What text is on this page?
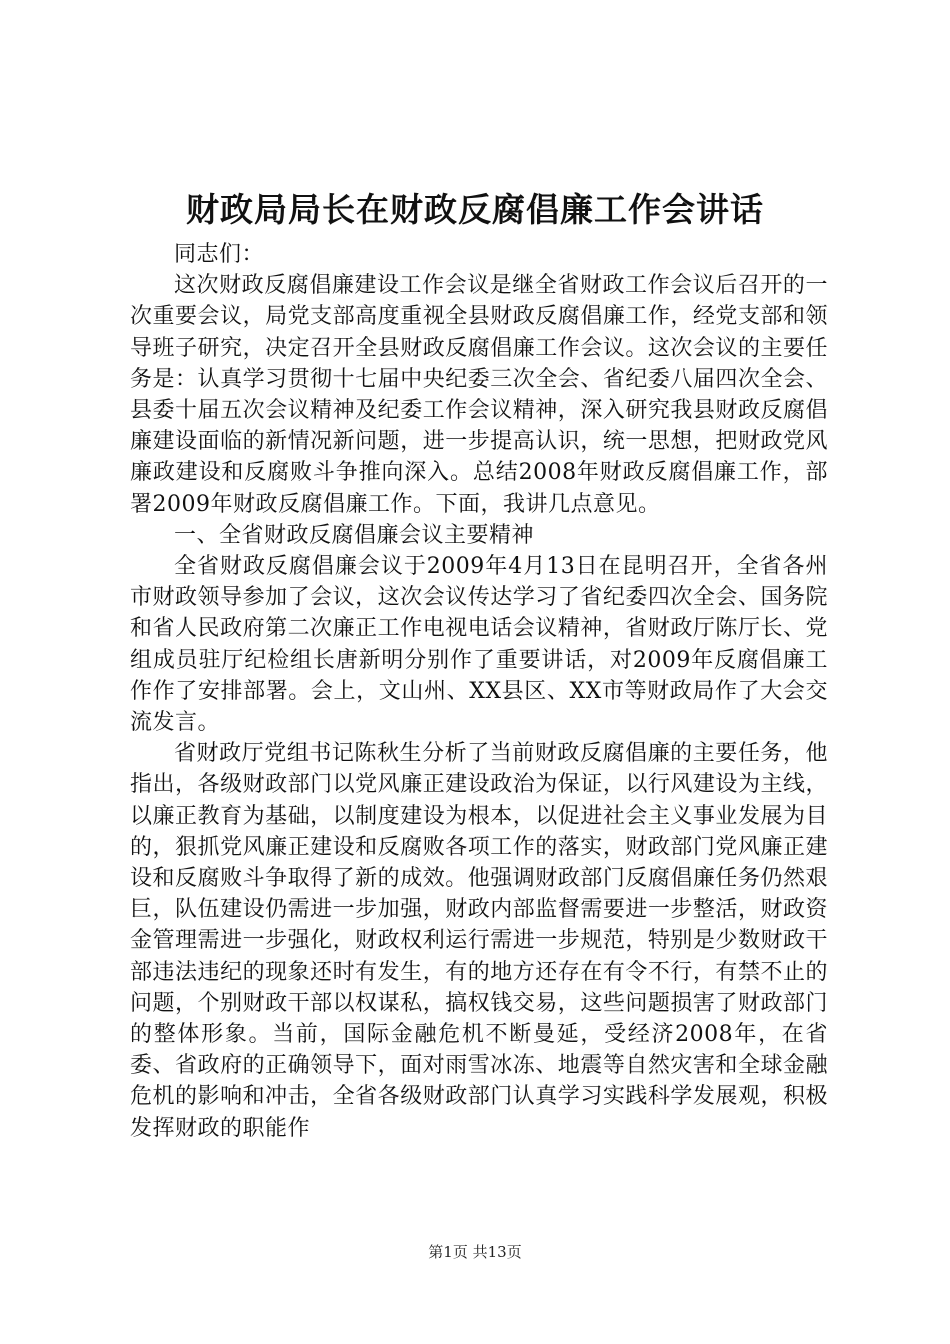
财政局局长在财政反腐倡廉工作会讲话

同志们：

这次财政反腐倡廉建设工作会议是继全省财政工作会议后召开的一次重要会议，局党支部高度重视全县财政反腐倡廉工作，经党支部和领导班子研究，决定召开全县财政反腐倡廉工作会议。这次会议的主要任务是：认真学习贯彻十七届中央纪委三次全会、省纪委八届四次全会、县委十届五次会议精神及纪委工作会议精神，深入研究我县财政反腐倡廉建设面临的新情况新问题，进一步提高认识，统一思想，把财政党风廉政建设和反腐败斗争推向深入。总结2008年财政反腐倡廉工作，部署2009年财政反腐倡廉工作。下面，我讲几点意见。

一、全省财政反腐倡廉会议主要精神

全省财政反腐倡廉会议于2009年4月13日在昆明召开，全省各州市财政领导参加了会议，这次会议传达学习了省纪委四次全会、国务院和省人民政府第二次廉正工作电视电话会议精神，省财政厅陈厅长、党组成员驻厅纪检组长唐新明分别作了重要讲话，对2009年反腐倡廉工作作了安排部署。会上，文山州、XX县区、XX市等财政局作了大会交流发言。

省财政厅党组书记陈秋生分析了当前财政反腐倡廉的主要任务，他指出，各级财政部门以党风廉正建设政治为保证，以行风建设为主线，以廉正教育为基础，以制度建设为根本，以促进社会主义事业发展为目的，狠抓党风廉正建设和反腐败各项工作的落实，财政部门党风廉正建设和反腐败斗争取得了新的成效。他强调财政部门反腐倡廉任务仍然艰巨，队伍建设仍需进一步加强，财政内部监督需要进一步整活，财政资金管理需进一步强化，财政权利运行需进一步规范，特别是少数财政干部违法违纪的现象还时有发生，有的地方还存在有令不行，有禁不止的问题，个别财政干部以权谋私，搞权钱交易，这些问题损害了财政部门的整体形象。当前，国际金融危机不断曼延，受经济2008年，在省委、省政府的正确领导下，面对雨雪冰冻、地震等自然灾害和全球金融危机的影响和冲击，全省各级财政部门认真学习实践科学发展观，积极发挥财政的职能作

第1页 共13页
